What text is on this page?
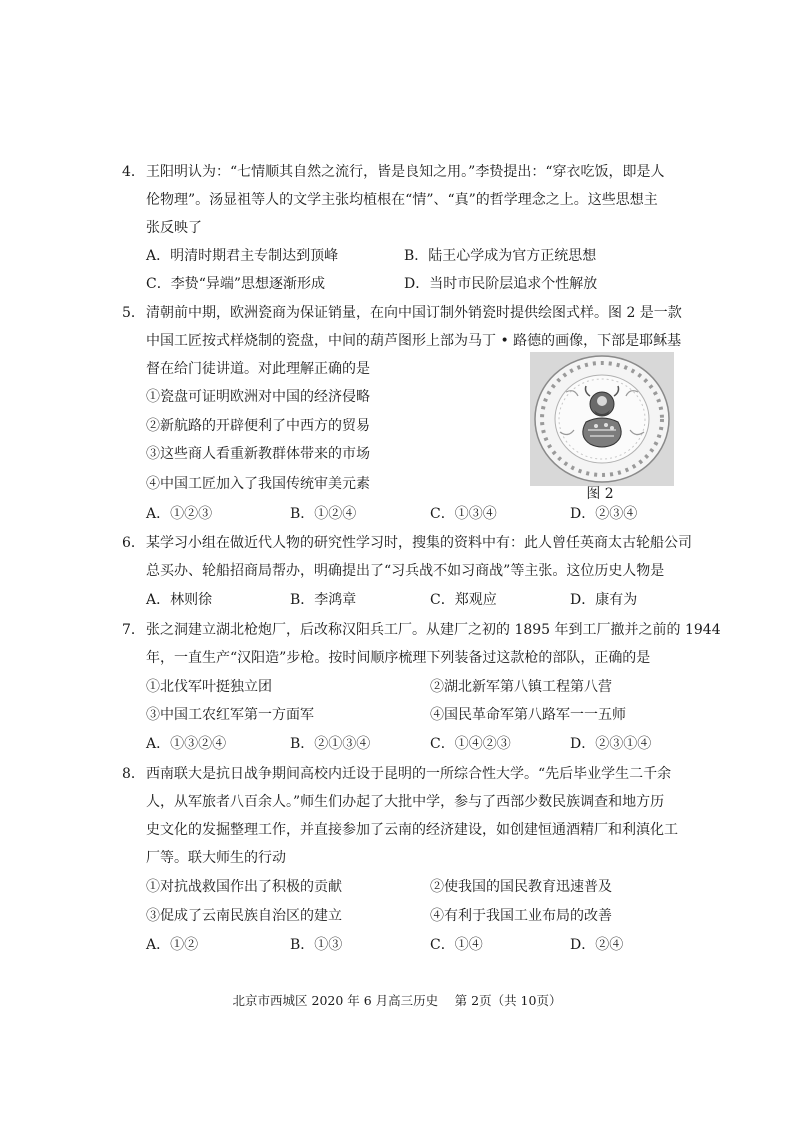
4． 王阳明认为：“七情顺其自然之流行，皆是良知之用。”李贽提出：“穿衣吃饭，即是人
伦物理”。汤显祖等人的文学主张均植根在“情”、“真”的哲学理念之上。这些思想主
张反映了
A．明清时期君主专制达到顶峰	B．陆王心学成为官方正统思想
C．李贽“异端”思想逐渐形成	D．当时市民阶层追求个性解放
5． 清朝前中期，欧洲瓷商为保证销量，在向中国订制外销瓷时提供绘图式样。图 2 是一款
中国工匠按式样烧制的瓷盘，中间的葫芦图形上部为马丁 • 路德的画像，下部是耶稣基
督在给门徒讲道。对此理解正确的是
①瓷盘可证明欧洲对中国的经济侵略
②新航路的开辟便利了中西方的贸易
③这些商人看重新教群体带来的市场
④中国工匠加入了我国传统审美元素
图 2
A．①②③	B．①②④	C．①③④	D．②③④
6． 某学习小组在做近代人物的研究性学习时，搜集的资料中有：此人曾任英商太古轮船公司
总买办、轮船招商局帮办，明确提出了“习兵战不如习商战”等主张。这位历史人物是
A．林则徐	B．李鸿章	C．郑观应	D．康有为
7． 张之洞建立湖北枪炮厂，后改称汉阳兵工厂。从建厂之初的 1895 年到工厂撤并之前的 1944
年，一直生产“汉阳造”步枪。按时间顺序梳理下列装备过这款枪的部队，正确的是
①北伐军叶挺独立团	②湖北新军第八镇工程第八营
③中国工农红军第一方面军	④国民革命军第八路军一一五师
A．①③②④	B．②①③④	C．①④②③	D．②③①④
8． 西南联大是抗日战争期间高校内迁设于昆明的一所综合性大学。“先后毕业学生二千余
人，从军旅者八百余人。”师生们办起了大批中学，参与了西部少数民族调查和地方历
史文化的发掘整理工作，并直接参加了云南的经济建设，如创建恒通酒精厂和利滇化工
厂等。联大师生的行动
①对抗战救国作出了积极的贡献	②使我国的国民教育迅速普及
③促成了云南民族自治区的建立	④有利于我国工业布局的改善
A．①②	B．①③	C．①④	D．②④
北京市西城区 2020 年 6 月高三历史　 第 2页（共 10页）
